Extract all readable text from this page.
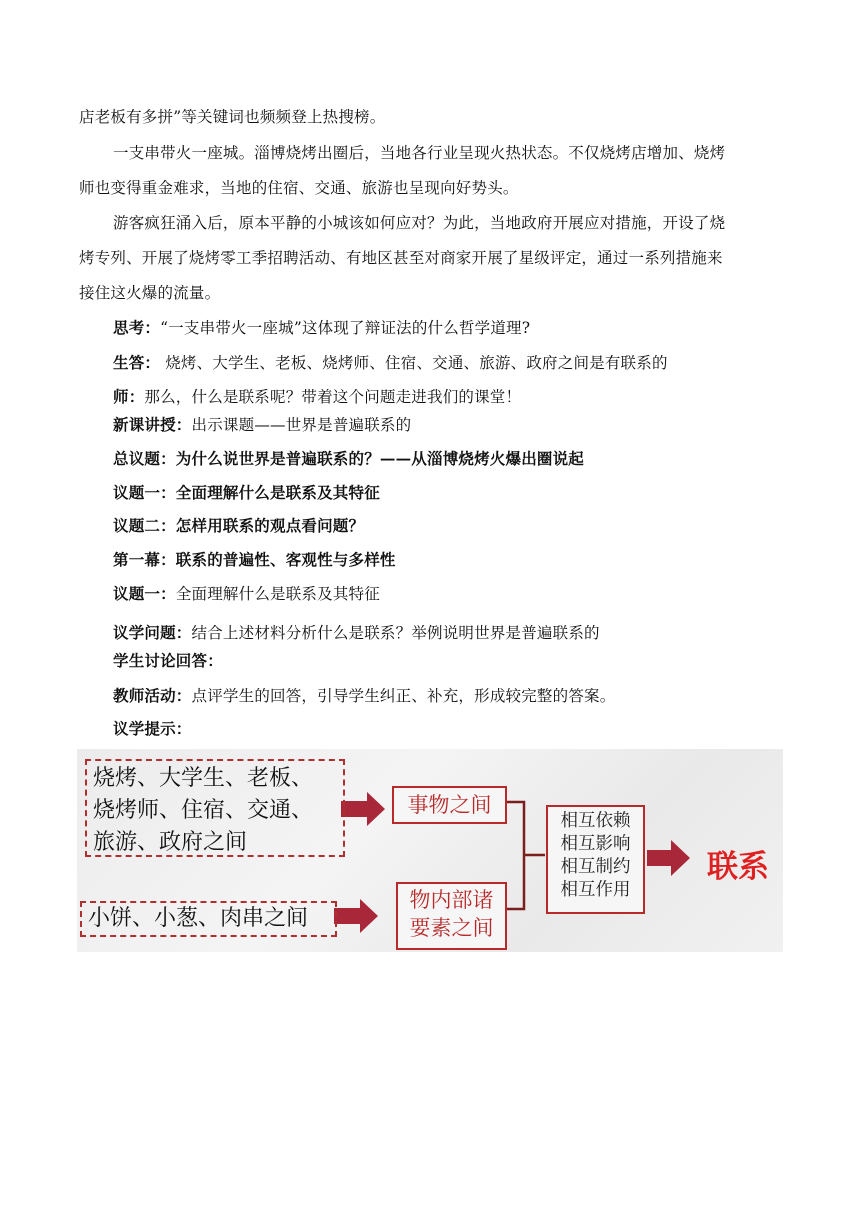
店老板有多拼”等关键词也频频登上热搜榜。
一支串带火一座城。淄博烧烤出圈后，当地各行业呈现火热状态。不仅烧烤店增加、烧烤
师也变得重金难求，当地的住宿、交通、旅游也呈现向好势头。
游客疯狂涌入后，原本平静的小城该如何应对？为此，当地政府开展应对措施，开设了烧
烤专列、开展了烧烤零工季招聘活动、有地区甚至对商家开展了星级评定，通过一系列措施来
接住这火爆的流量。
思考：“一支串带火一座城”这体现了辩证法的什么哲学道理?
生答： 烧烤、大学生、老板、烧烤师、住宿、交通、旅游、政府之间是有联系的
师：那么，什么是联系呢？带着这个问题走进我们的课堂！
新课讲授：出示课题——世界是普遍联系的
总议题：为什么说世界是普遍联系的？——从淄博烧烤火爆出圈说起
议题一：全面理解什么是联系及其特征
议题二：怎样用联系的观点看问题？
第一幕：联系的普遍性、客观性与多样性
议题一：全面理解什么是联系及其特征
议学问题：结合上述材料分析什么是联系？举例说明世界是普遍联系的
学生讨论回答：
教师活动：点评学生的回答，引导学生纠正、补充，形成较完整的答案。
议学提示：
烧烤、大学生、老板、
烧烤师、住宿、交通、
旅游、政府之间
小饼、小葱、肉串之间
事物之间
物内部诸
要素之间
相互依赖
相互影响
相互制约
相互作用
联系
